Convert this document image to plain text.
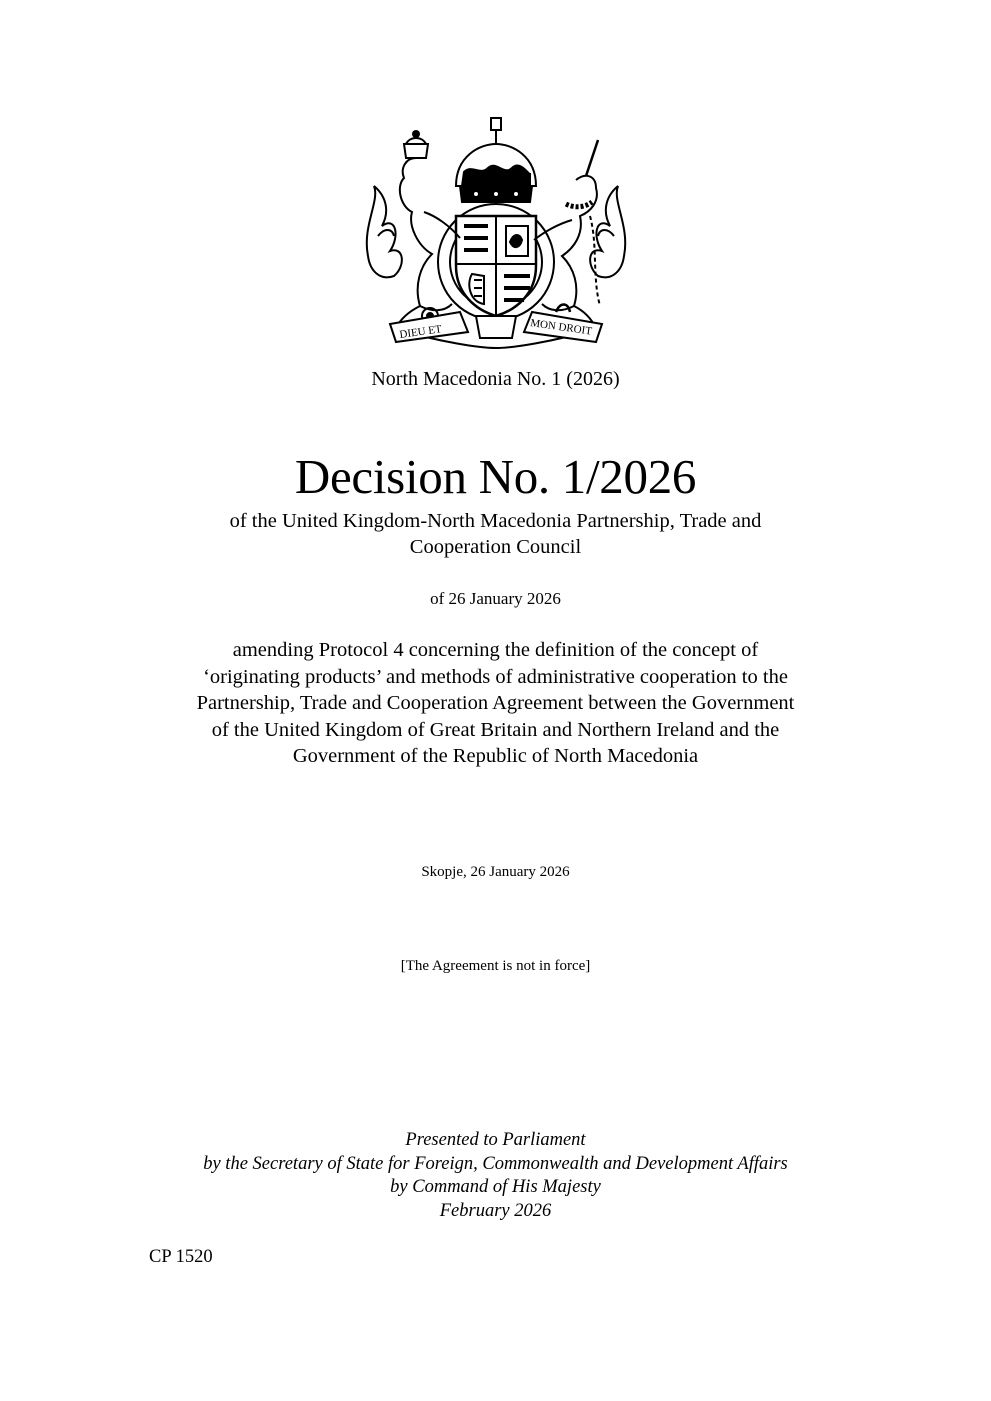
DIEU ET	MON DROIT
North Macedonia No. 1 (2026)
Decision No. 1/2026
of the United Kingdom-North Macedonia Partnership, Trade and
Cooperation Council
of 26 January 2026
amending Protocol 4 concerning the definition of the concept of
‘originating products’ and methods of administrative cooperation to the
Partnership, Trade and Cooperation Agreement between the Government
of the United Kingdom of Great Britain and Northern Ireland and the
Government of the Republic of North Macedonia
Skopje, 26 January 2026
[The Agreement is not in force]
Presented to Parliament
by the Secretary of State for Foreign, Commonwealth and Development Affairs
by Command of His Majesty
February 2026
CP 1520
